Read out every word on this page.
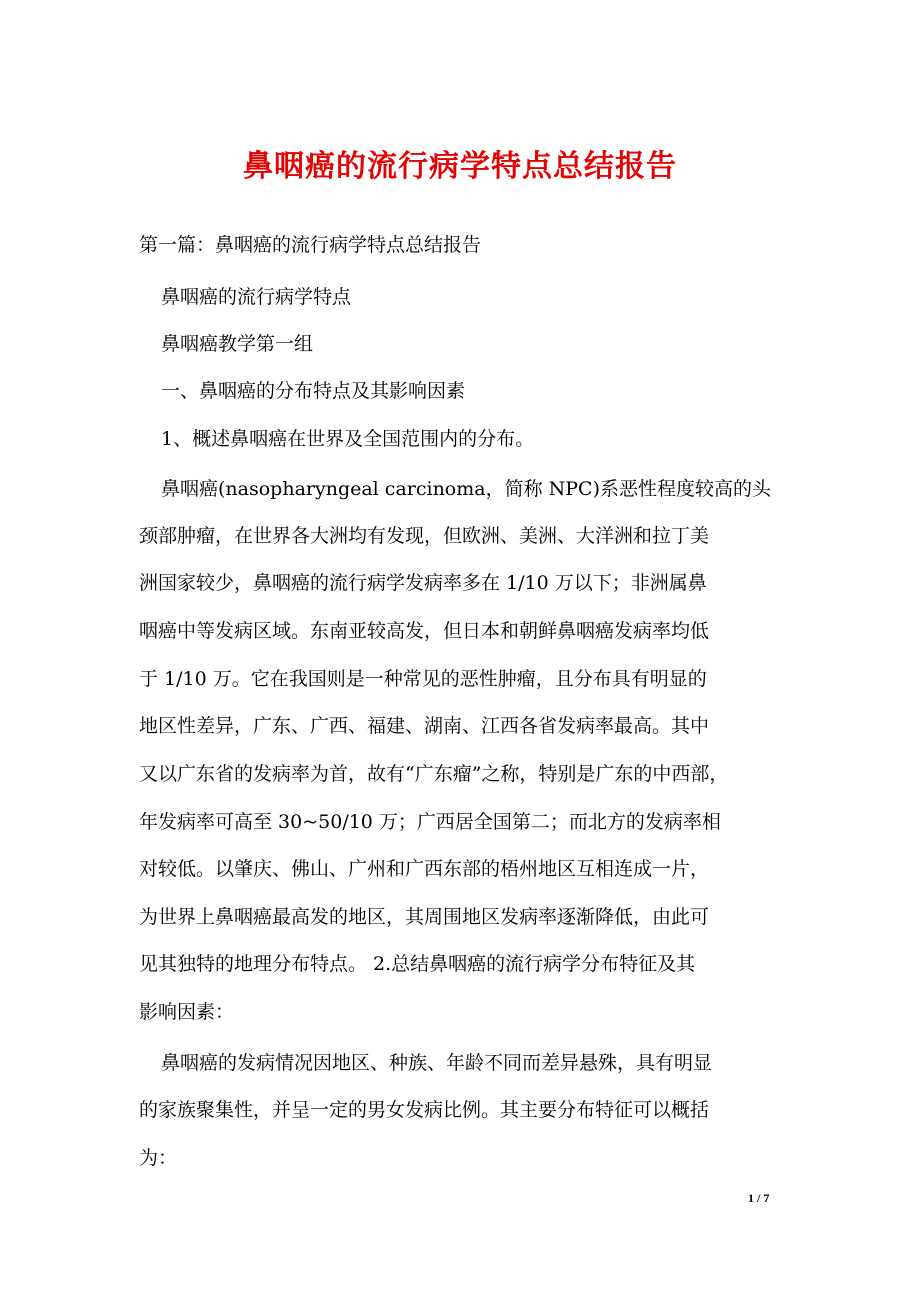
鼻咽癌的流行病学特点总结报告
第一篇：鼻咽癌的流行病学特点总结报告
鼻咽癌的流行病学特点
鼻咽癌教学第一组
一、鼻咽癌的分布特点及其影响因素
1、概述鼻咽癌在世界及全国范围内的分布。
鼻咽癌(nasopharyngeal carcinoma，简称 NPC)系恶性程度较高的头
颈部肿瘤，在世界各大洲均有发现，但欧洲、美洲、大洋洲和拉丁美
洲国家较少，鼻咽癌的流行病学发病率多在 1/10 万以下；非洲属鼻
咽癌中等发病区域。东南亚较高发，但日本和朝鲜鼻咽癌发病率均低
于 1/10 万。它在我国则是一种常见的恶性肿瘤，且分布具有明显的
地区性差异，广东、广西、福建、湖南、江西各省发病率最高。其中
又以广东省的发病率为首，故有“广东瘤”之称，特别是广东的中西部，
年发病率可高至 30~50/10 万；广西居全国第二；而北方的发病率相
对较低。以肇庆、佛山、广州和广西东部的梧州地区互相连成一片，
为世界上鼻咽癌最高发的地区，其周围地区发病率逐渐降低，由此可
见其独特的地理分布特点。 2.总结鼻咽癌的流行病学分布特征及其
影响因素：
鼻咽癌的发病情况因地区、种族、年龄不同而差异悬殊，具有明显
的家族聚集性，并呈一定的男女发病比例。其主要分布特征可以概括
为：
1 / 7
